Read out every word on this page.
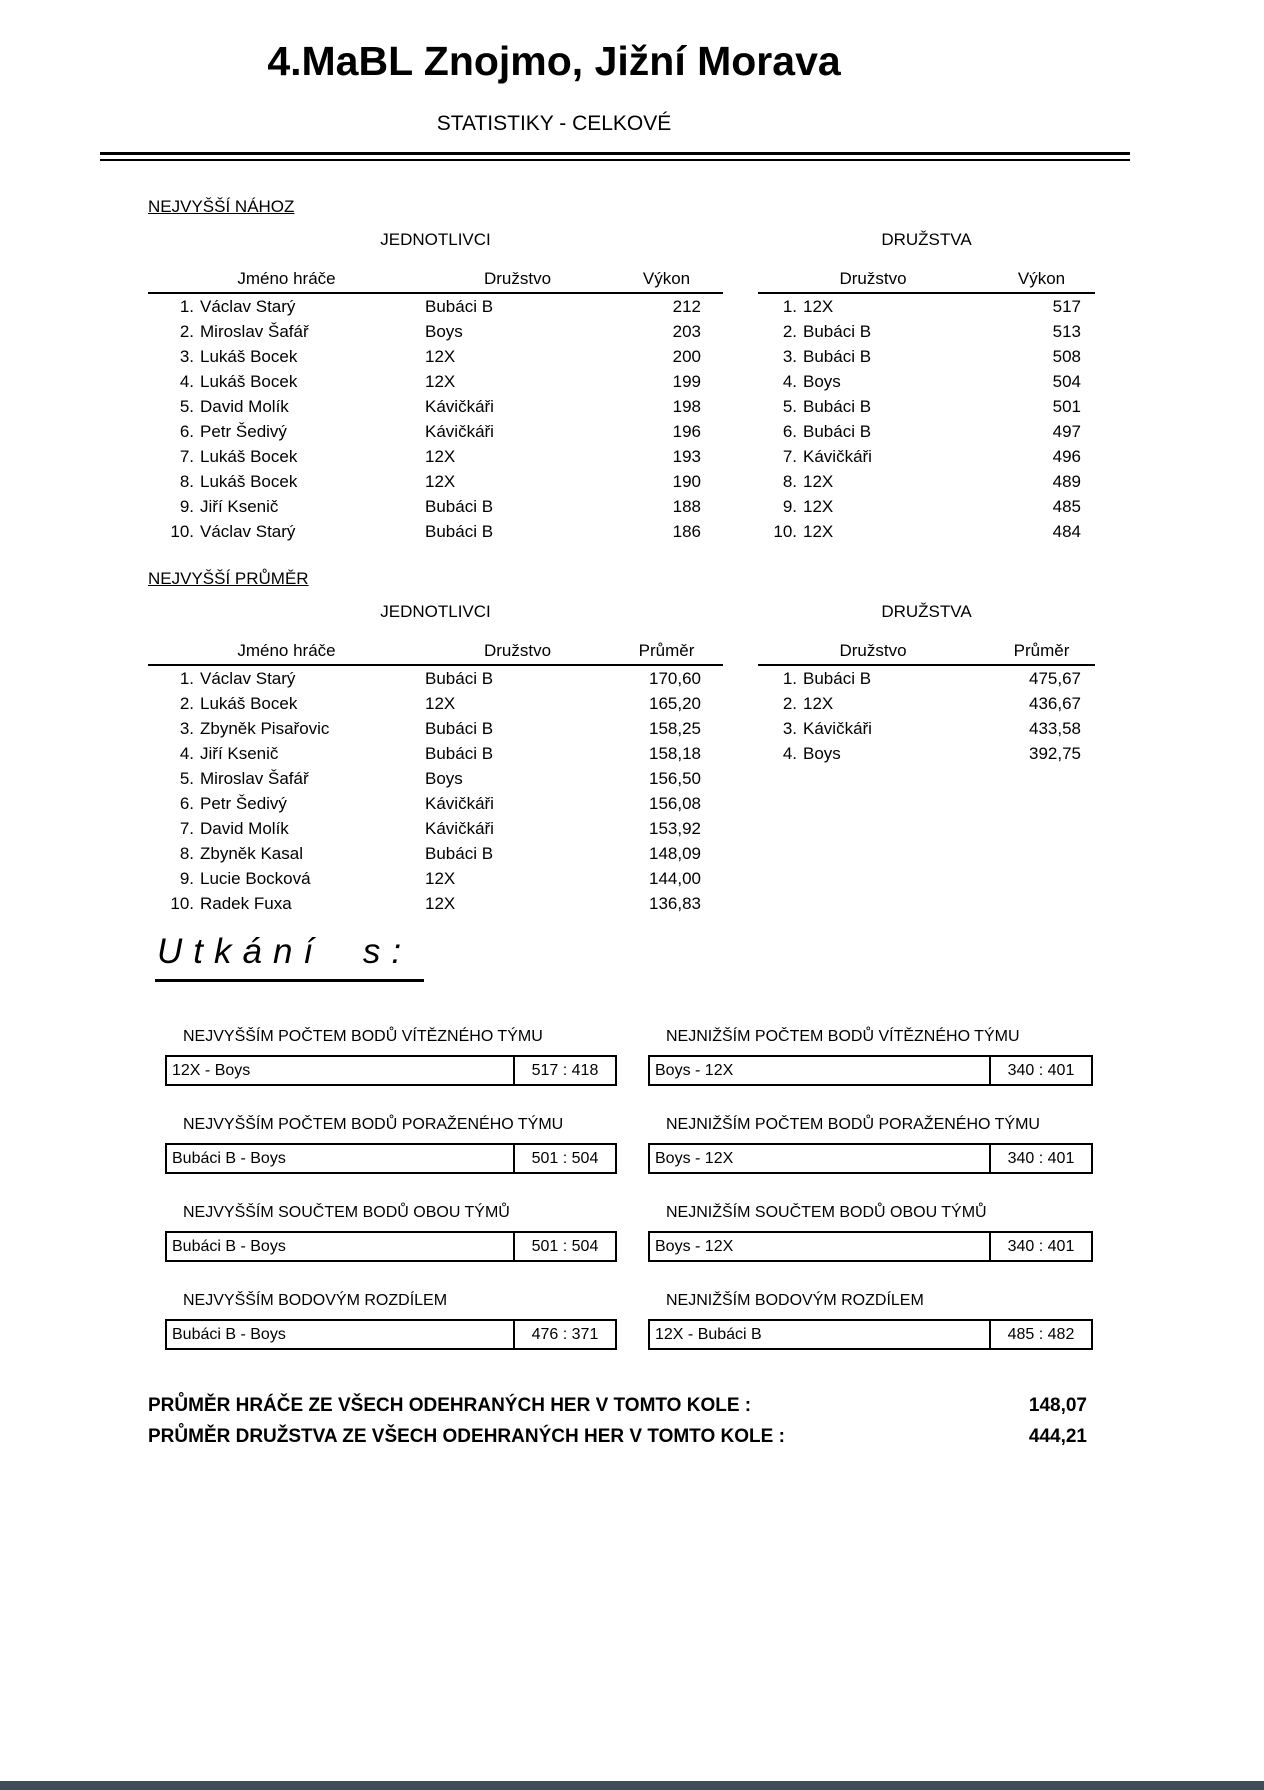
4.MaBL Znojmo, Jižní Morava
STATISTIKY - CELKOVÉ
NEJVYŠŠÍ NÁHOZ
JEDNOTLIVCI
Jméno hráče	Družstvo	Výkon
1. Václav Starý	Bubáci B	212
2. Miroslav Šafář	Boys	203
3. Lukáš Bocek	12X	200
4. Lukáš Bocek	12X	199
5. David Molík	Kávičkáři	198
6. Petr Šedivý	Kávičkáři	196
7. Lukáš Bocek	12X	193
8. Lukáš Bocek	12X	190
9. Jiří Ksenič	Bubáci B	188
10. Václav Starý	Bubáci B	186
DRUŽSTVA
Družstvo	Výkon
1. 12X	517
2. Bubáci B	513
3. Bubáci B	508
4. Boys	504
5. Bubáci B	501
6. Bubáci B	497
7. Kávičkáři	496
8. 12X	489
9. 12X	485
10. 12X	484
NEJVYŠŠÍ PRŮMĚR
JEDNOTLIVCI
Jméno hráče	Družstvo	Průměr
1. Václav Starý	Bubáci B	170,60
2. Lukáš Bocek	12X	165,20
3. Zbyněk Pisařovic	Bubáci B	158,25
4. Jiří Ksenič	Bubáci B	158,18
5. Miroslav Šafář	Boys	156,50
6. Petr Šedivý	Kávičkáři	156,08
7. David Molík	Kávičkáři	153,92
8. Zbyněk Kasal	Bubáci B	148,09
9. Lucie Bocková	12X	144,00
10. Radek Fuxa	12X	136,83
DRUŽSTVA
Družstvo	Průměr
1. Bubáci B	475,67
2. 12X	436,67
3. Kávičkáři	433,58
4. Boys	392,75
Utkání s:
NEJVYŠŠÍM POČTEM BODŮ VÍTĚZNÉHO TÝMU
12X - Boys	517 : 418
NEJNIŽŠÍM POČTEM BODŮ VÍTĚZNÉHO TÝMU
Boys - 12X	340 : 401
NEJVYŠŠÍM POČTEM BODŮ PORAŽENÉHO TÝMU
Bubáci B - Boys	501 : 504
NEJNIŽŠÍM POČTEM BODŮ PORAŽENÉHO TÝMU
Boys - 12X	340 : 401
NEJVYŠŠÍM SOUČTEM BODŮ OBOU TÝMŮ
Bubáci B - Boys	501 : 504
NEJNIŽŠÍM SOUČTEM BODŮ OBOU TÝMŮ
Boys - 12X	340 : 401
NEJVYŠŠÍM BODOVÝM ROZDÍLEM
Bubáci B - Boys	476 : 371
NEJNIŽŠÍM BODOVÝM ROZDÍLEM
12X - Bubáci B	485 : 482
PRŮMĚR HRÁČE ZE VŠECH ODEHRANÝCH HER V TOMTO KOLE :	148,07
PRŮMĚR DRUŽSTVA ZE VŠECH ODEHRANÝCH HER V TOMTO KOLE :	444,21
